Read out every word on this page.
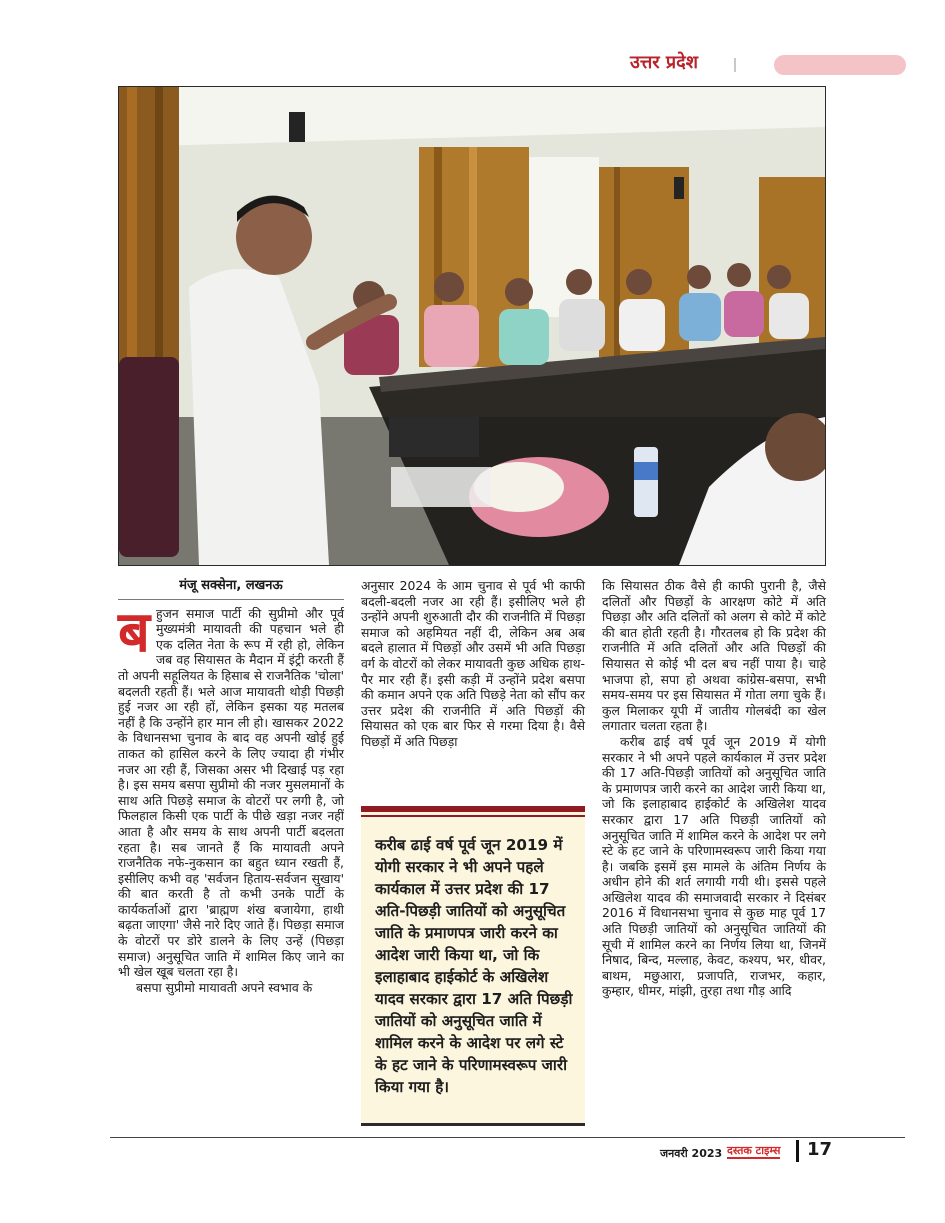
उत्तर प्रदेश

मंजू सक्सेना, लखनऊ

ब हुजन समाज पार्टी की सुप्रीमो और पूर्व मुख्यमंत्री मायावती की पहचान भले ही एक दलित नेता के रूप में रही हो, लेकिन जब वह सियासत के मैदान में इंट्री करती हैं तो अपनी सहूलियत के हिसाब से राजनैतिक 'चोला' बदलती रहती हैं। भले आज मायावती थोड़ी पिछड़ी हुई नजर आ रही हों, लेकिन इसका यह मतलब नहीं है कि उन्होंने हार मान ली हो। खासकर 2022 के विधानसभा चुनाव के बाद वह अपनी खोई हुई ताकत को हासिल करने के लिए ज्यादा ही गंभीर नजर आ रही हैं, जिसका असर भी दिखाई पड़ रहा है। इस समय बसपा सुप्रीमो की नजर मुसलमानों के साथ अति पिछड़े समाज के वोटरों पर लगी है, जो फिलहाल किसी एक पार्टी के पीछे खड़ा नजर नहीं आता है और समय के साथ अपनी पार्टी बदलता रहता है। सब जानते हैं कि मायावती अपने राजनैतिक नफे-नुकसान का बहुत ध्यान रखती हैं, इसीलिए कभी वह 'सर्वजन हिताय-सर्वजन सुखाय' की बात करती है तो कभी उनके पार्टी के कार्यकर्ताओं द्वारा 'ब्राह्मण शंख बजायेगा, हाथी बढ़ता जाएगा' जैसे नारे दिए जाते हैं। पिछड़ा समाज के वोटरों पर डोरे डालने के लिए उन्हें (पिछड़ा समाज) अनुसूचित जाति में शामिल किए जाने का भी खेल खूब चलता रहा है।

बसपा सुप्रीमो मायावती अपने स्वभाव के

अनुसार 2024 के आम चुनाव से पूर्व भी काफी बदली-बदली नजर आ रही हैं। इसीलिए भले ही उन्होंने अपनी शुरुआती दौर की राजनीति में पिछड़ा समाज को अहमियत नहीं दी, लेकिन अब अब बदले हालात में पिछड़ों और उसमें भी अति पिछड़ा वर्ग के वोटरों को लेकर मायावती कुछ अधिक हाथ-पैर मार रही हैं। इसी कड़ी में उन्होंने प्रदेश बसपा की कमान अपने एक अति पिछड़े नेता को सौंप कर उत्तर प्रदेश की राजनीति में अति पिछड़ों की सियासत को एक बार फिर से गरमा दिया है। वैसे पिछड़ों में अति पिछड़ा

करीब ढाई वर्ष पूर्व जून 2019 में योगी सरकार ने भी अपने पहले कार्यकाल में उत्तर प्रदेश की 17 अति-पिछड़ी जातियों को अनुसूचित जाति के प्रमाणपत्र जारी करने का आदेश जारी किया था, जो कि इलाहाबाद हाईकोर्ट के अखिलेश यादव सरकार द्वारा 17 अति पिछड़ी जातियों को अनुसूचित जाति में शामिल करने के आदेश पर लगे स्टे के हट जाने के परिणामस्वरूप जारी किया गया है।

कि सियासत ठीक वैसे ही काफी पुरानी है, जैसे दलितों और पिछड़ों के आरक्षण कोटे में अति पिछड़ा और अति दलितों को अलग से कोटे में कोटे की बात होती रहती है। गौरतलब हो कि प्रदेश की राजनीति में अति दलितों और अति पिछड़ों की सियासत से कोई भी दल बच नहीं पाया है। चाहे भाजपा हो, सपा हो अथवा कांग्रेस-बसपा, सभी समय-समय पर इस सियासत में गोता लगा चुके हैं। कुल मिलाकर यूपी में जातीय गोलबंदी का खेल लगातार चलता रहता है।

करीब ढाई वर्ष पूर्व जून 2019 में योगी सरकार ने भी अपने पहले कार्यकाल में उत्तर प्रदेश की 17 अति-पिछड़ी जातियों को अनुसूचित जाति के प्रमाणपत्र जारी करने का आदेश जारी किया था, जो कि इलाहाबाद हाईकोर्ट के अखिलेश यादव सरकार द्वारा 17 अति पिछड़ी जातियों को अनुसूचित जाति में शामिल करने के आदेश पर लगे स्टे के हट जाने के परिणामस्वरूप जारी किया गया है। जबकि इसमें इस मामले के अंतिम निर्णय के अधीन होने की शर्त लगायी गयी थी। इससे पहले अखिलेश यादव की समाजवादी सरकार ने दिसंबर 2016 में विधानसभा चुनाव से कुछ माह पूर्व 17 अति पिछड़ी जातियों को अनुसूचित जातियों की सूची में शामिल करने का निर्णय लिया था, जिनमें निषाद, बिन्द, मल्लाह, केवट, कश्यप, भर, धीवर, बाथम, मछुआरा, प्रजापति, राजभर, कहार, कुम्हार, धीमर, मांझी, तुरहा तथा गौड़ आदि

जनवरी 2023 दस्तक टाइम्स 17
